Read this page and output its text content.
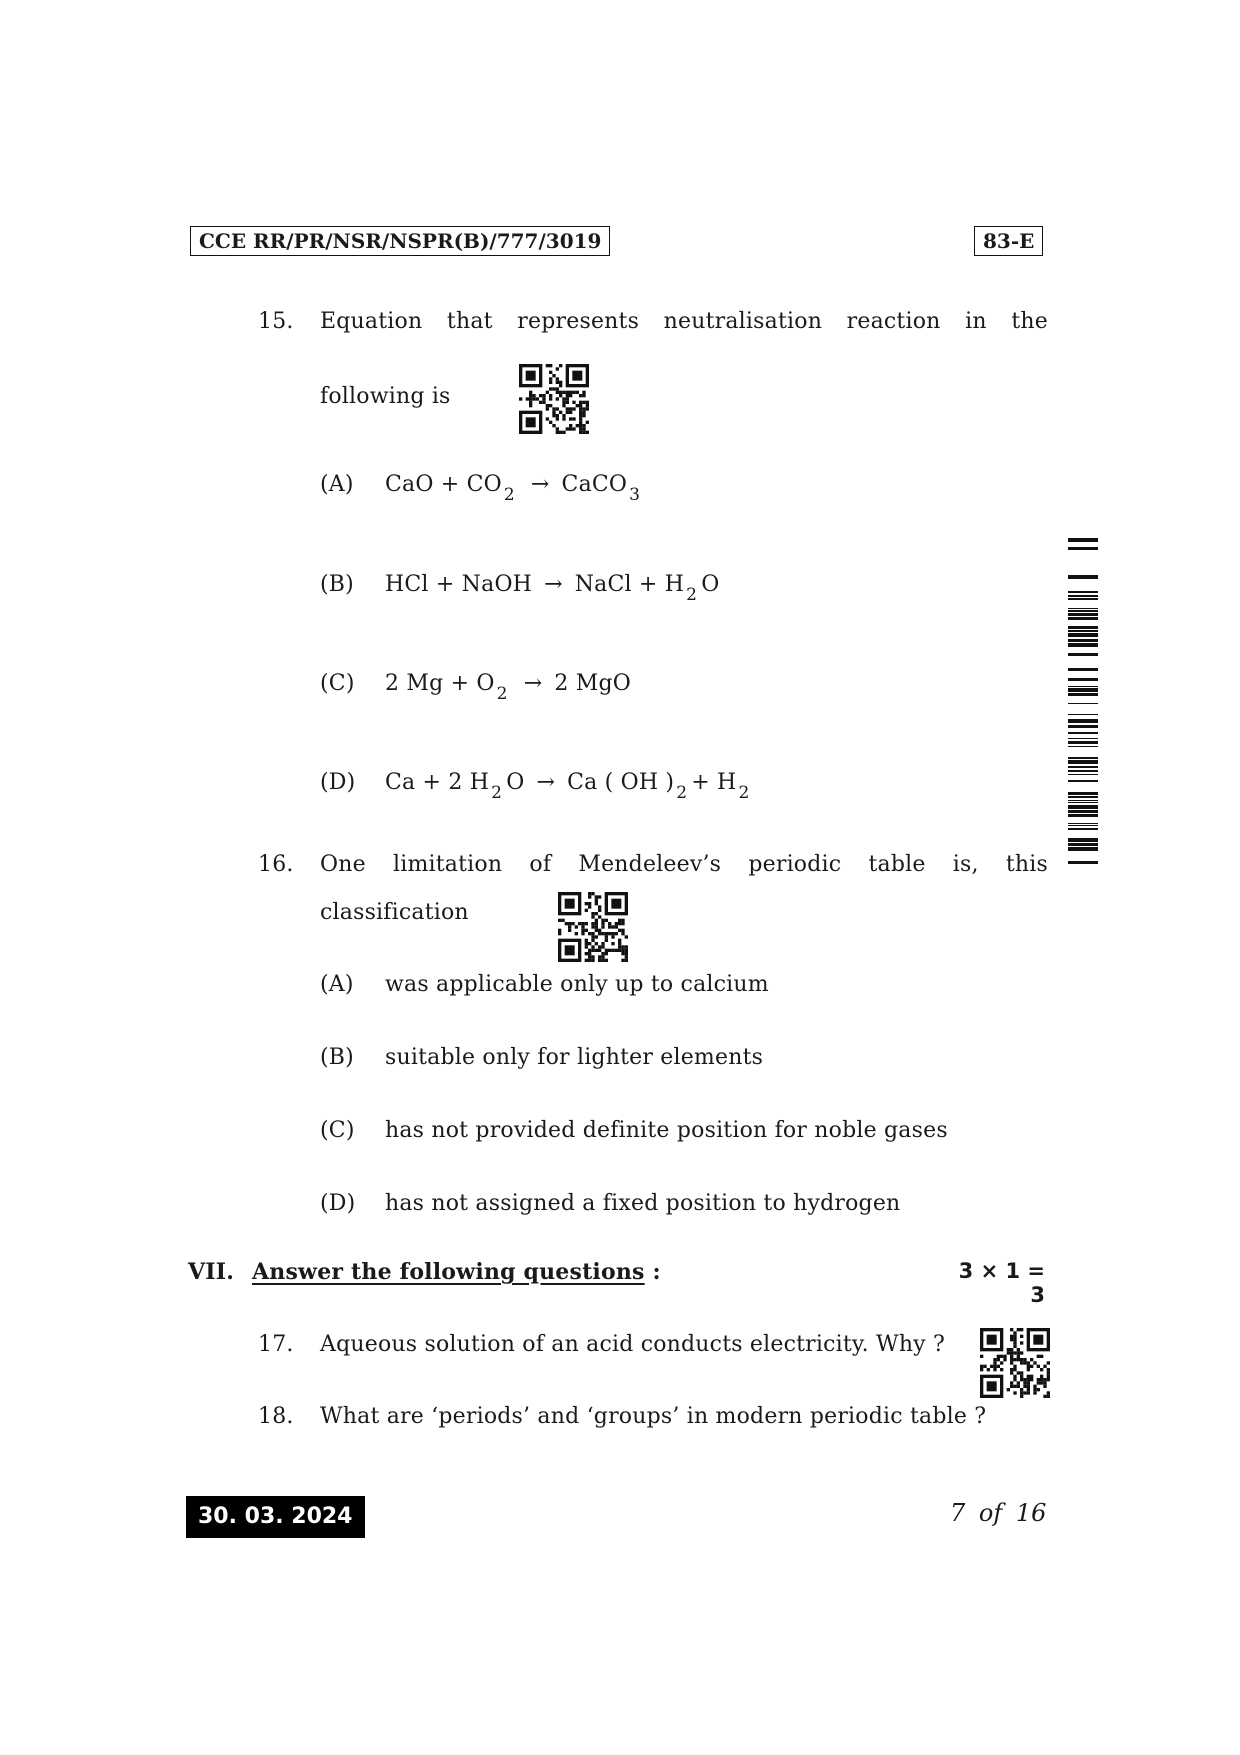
CCE RR/PR/NSR/NSPR(B)/777/3019	83-E
15. Equation that represents neutralisation reaction in the
following is
(A) CaO + CO $_2$ → CaCO $_3$
(B) HCl + NaOH → NaCl + H $_2$ O
(C) 2 Mg + O $_2$ → 2 MgO
(D) Ca + 2 H $_2$ O → Ca ( OH ) $_2$ + H $_2$
16. One limitation of Mendeleev’s periodic table is, this
classification
(A) was applicable only up to calcium
(B) suitable only for lighter elements
(C) has not provided definite position for noble gases
(D) has not assigned a fixed position to hydrogen
VII. Answer the following questions :	3 × 1 = 3
17. Aqueous solution of an acid conducts electricity. Why ?
18. What are ‘periods’ and ‘groups’ in modern periodic table ?
30. 03. 2024	7 of 16
